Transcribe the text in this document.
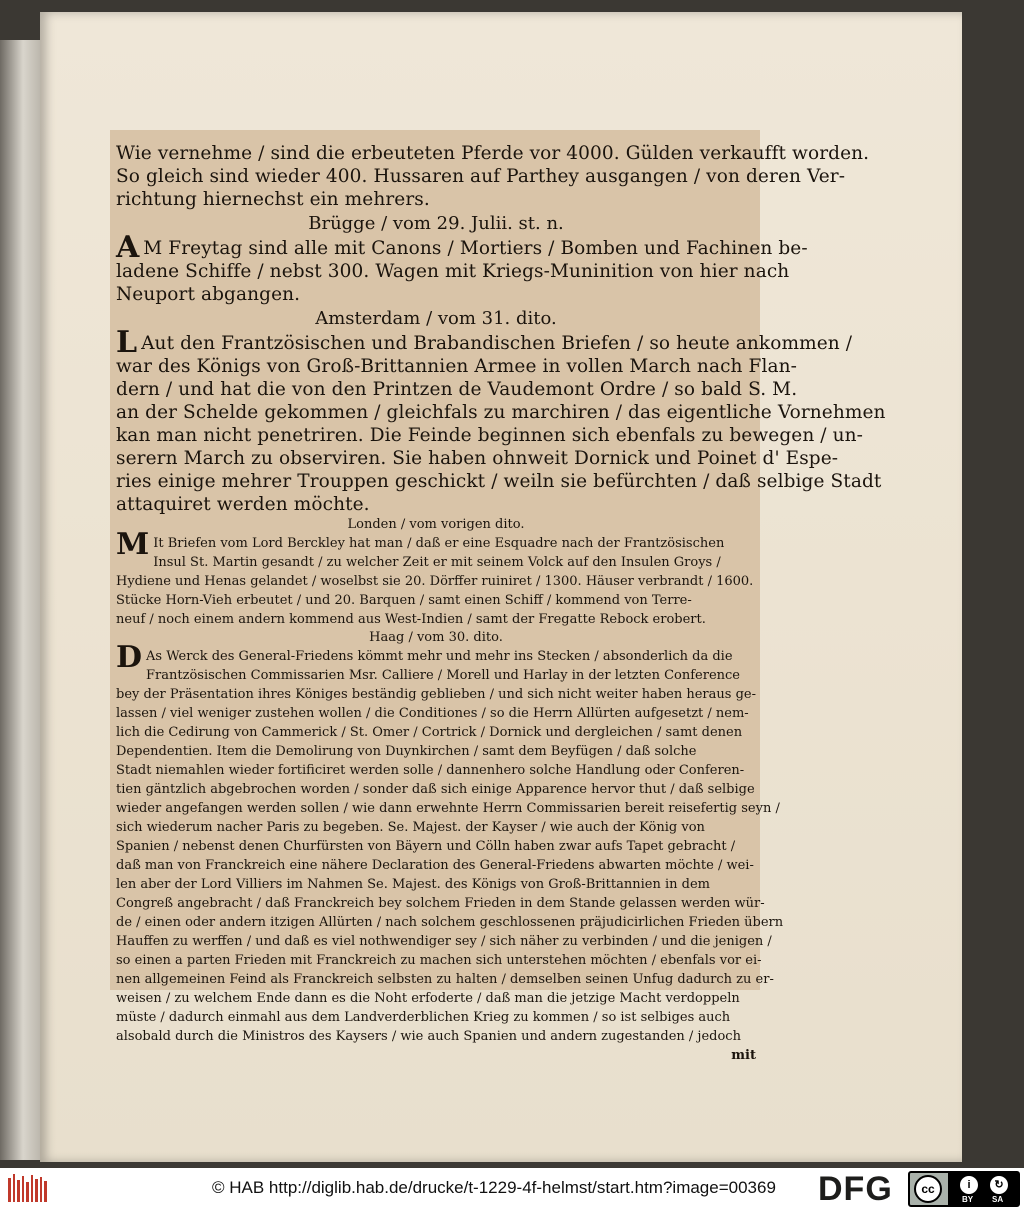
Wie vernehme / sind die erbeuteten Pferde vor 4000. Gülden verkaufft worden.
So gleich sind wieder 400. Hussaren auf Parthey ausgangen / von deren Ver-
richtung hiernechst ein mehrers.
Brügge / vom 29. Julii. st. n.
A M Freytag sind alle mit Canons / Mortiers / Bomben und Fachinen be-
ladene Schiffe / nebst 300. Wagen mit Kriegs-Muninition von hier nach
Neuport abgangen.
Amsterdam / vom 31. dito.
L Aut den Frantzösischen und Brabandischen Briefen / so heute ankommen /
war des Königs von Groß-Brittannien Armee in vollen March nach Flan-
dern / und hat die von den Printzen de Vaudemont Ordre / so bald S. M.
an der Schelde gekommen / gleichfals zu marchiren / das eigentliche Vornehmen
kan man nicht penetriren. Die Feinde beginnen sich ebenfals zu bewegen / un-
serern March zu observiren. Sie haben ohnweit Dornick und Poinet d' Espe-
ries einige mehrer Trouppen geschickt / weiln sie befürchten / daß selbige Stadt
attaquiret werden möchte.
Londen / vom vorigen dito.
M It Briefen vom Lord Berckley hat man / daß er eine Esquadre nach der Frantzösischen
Insul St. Martin gesandt / zu welcher Zeit er mit seinem Volck auf den Insulen Groys /
Hydiene und Henas gelandet / woselbst sie 20. Dörffer ruiniret / 1300. Häuser verbrandt / 1600.
Stücke Horn-Vieh erbeutet / und 20. Barquen / samt einen Schiff / kommend von Terre-
neuf / noch einem andern kommend aus West-Indien / samt der Fregatte Rebock erobert.
Haag / vom 30. dito.
D As Werck des General-Friedens kömmt mehr und mehr ins Stecken / absonderlich da die
Frantzösischen Commissarien Msr. Calliere / Morell und Harlay in der letzten Conference
bey der Präsentation ihres Königes beständig geblieben / und sich nicht weiter haben heraus ge-
lassen / viel weniger zustehen wollen / die Conditiones / so die Herrn Allürten aufgesetzt / nem-
lich die Cedirung von Cammerick / St. Omer / Cortrick / Dornick und dergleichen / samt denen
Dependentien. Item die Demolirung von Duynkirchen / samt dem Beyfügen / daß solche
Stadt niemahlen wieder fortificiret werden solle / dannenhero solche Handlung oder Conferen-
tien gäntzlich abgebrochen worden / sonder daß sich einige Apparence hervor thut / daß selbige
wieder angefangen werden sollen / wie dann erwehnte Herrn Commissarien bereit reisefertig seyn /
sich wiederum nacher Paris zu begeben. Se. Majest. der Kayser / wie auch der König von
Spanien / nebenst denen Churfürsten von Bäyern und Cölln haben zwar aufs Tapet gebracht /
daß man von Franckreich eine nähere Declaration des General-Friedens abwarten möchte / wei-
len aber der Lord Villiers im Nahmen Se. Majest. des Königs von Groß-Brittannien in dem
Congreß angebracht / daß Franckreich bey solchem Frieden in dem Stande gelassen werden wür-
de / einen oder andern itzigen Allürten / nach solchem geschlossenen präjudicirlichen Frieden übern
Hauffen zu werffen / und daß es viel nothwendiger sey / sich näher zu verbinden / und die jenigen /
so einen a parten Frieden mit Franckreich zu machen sich unterstehen möchten / ebenfals vor ei-
nen allgemeinen Feind als Franckreich selbsten zu halten / demselben seinen Unfug dadurch zu er-
weisen / zu welchem Ende dann es die Noht erfoderte / daß man die jetzige Macht verdoppeln
müste / dadurch einmahl aus dem Landverderblichen Krieg zu kommen / so ist selbiges auch
alsobald durch die Ministros des Kaysers / wie auch Spanien und andern zugestanden / jedoch
mit
© HAB http://diglib.hab.de/drucke/t-1229-4f-helmst/start.htm?image=00369 DFG	cc	i	↻
BY SA
